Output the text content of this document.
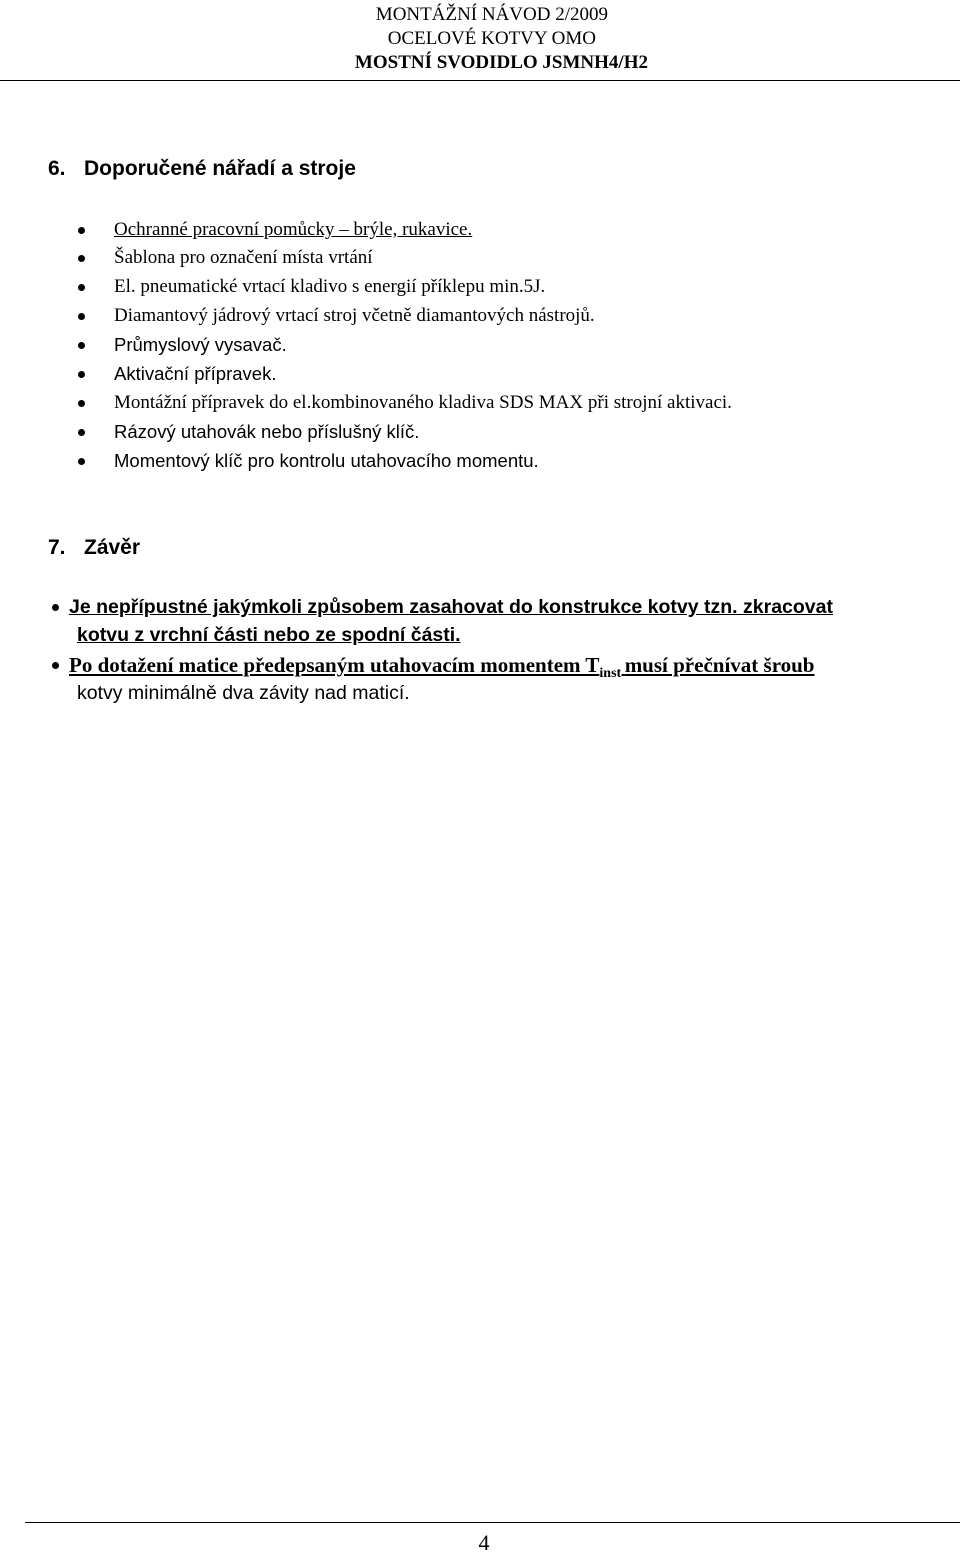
MONTÁŽNÍ NÁVOD 2/2009
OCELOVÉ KOTVY OMO
MOSTNÍ SVODIDLO JSMNH4/H2
6. Doporučené nářadí a stroje
Ochranné pracovní pomůcky – brýle, rukavice.
Šablona pro označení místa vrtání
El. pneumatické vrtací kladivo s energií příklepu min.5J.
Diamantový jádrový vrtací stroj včetně diamantových nástrojů.
Průmyslový vysavač.
Aktivační přípravek.
Montážní přípravek do el.kombinovaného kladiva SDS MAX při strojní aktivaci.
Rázový utahovák nebo příslušný klíč.
Momentový klíč pro kontrolu utahovacího momentu.
7. Závěr
Je nepřípustné jakýmkoli způsobem zasahovat do konstrukce kotvy tzn. zkracovat
kotvu z vrchní části nebo ze spodní části.
Po dotažení matice předepsaným utahovacím momentem $T_{inst}$ musí přečnívat šroub
kotvy minimálně dva závity nad maticí.
4
